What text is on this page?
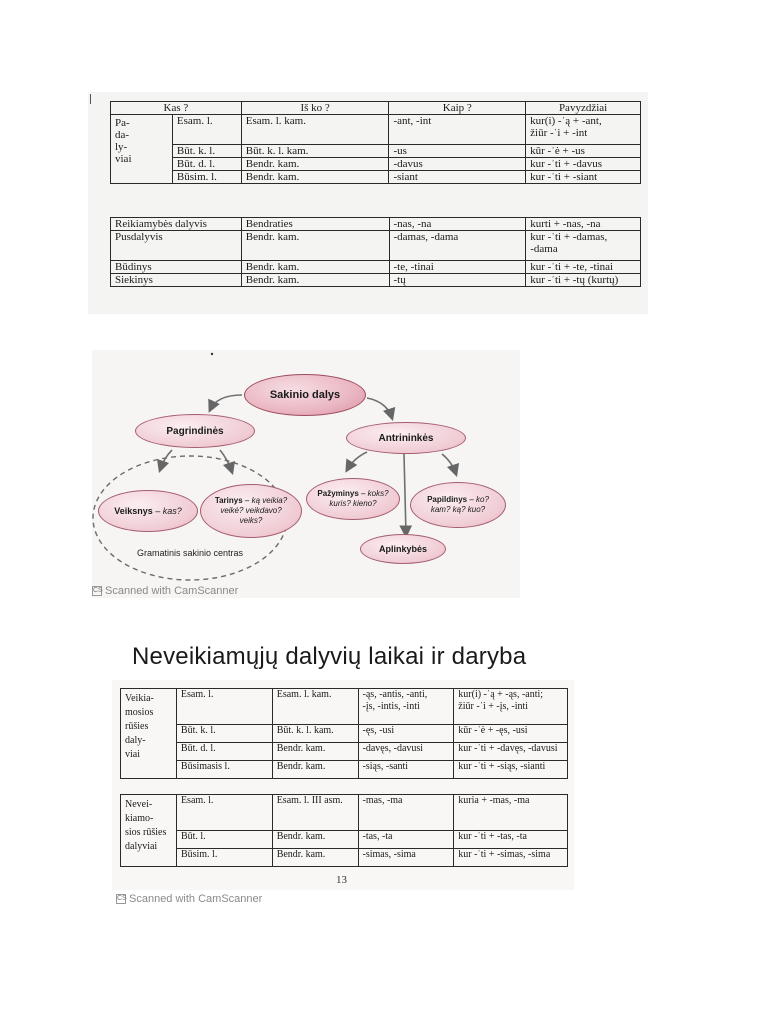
Kas ?		Iš ko ?	Kaip ?	Pavyzdžiai
Pa-
da-
ly-
viai	Esam. l.	Esam. l. kam.	-ant, -int	kur(i) -ˈą + -ant,
žiūr -ˈi + -int
	Būt. k. l.	Būt. k. l. kam.	-us	kūr -ˈė + -us
	Būt. d. l.	Bendr. kam.	-davus	kur -ˈti + -davus
	Būsim. l.	Bendr. kam.	-siant	kur -ˈti + -siant
Reikiamybės dalyvis	Bendraties	-nas, -na	kurti + -nas, -na
Pusdalyvis	Bendr. kam.	-damas, -dama	kur -ˈti + -damas,
-dama
Būdinys	Bendr. kam.	-te, -tinai	kur -ˈti + -te, -tinai
Siekinys	Bendr. kam.	-tų	kur -ˈti + -tų (kurtų)
Sakinio dalys
Pagrindinės
Antrininkės
Veiksnys – kas?
Tarinys – ką veikia? veikė? veikdavo? veiks?
Pažyminys – koks? kuris? kieno?	Papildinys – ko? kam? ką? kuo?
Aplinkybės
Gramatinis sakinio centras
CS Scanned with CamScanner
Neveikiamųjų dalyvių laikai ir daryba
Veikia-
mosios
rūšies
daly-
viai	Esam. l.	Esam. l. kam.	-ąs, -antis, -anti,
-įs, -intis, -inti	kur(i) -ˈą + -ąs, -anti;
žiūr -ˈi + -įs, -inti
	Būt. k. l.	Būt. k. l. kam.	-ęs, -usi	kūr -ˈė + -ęs, -usi
	Būt. d. l.	Bendr. kam.	-davęs, -davusi	kur -ˈti + -davęs, -davusi
	Būsimasis l.	Bendr. kam.	-siąs, -santi	kur -ˈti + -siąs, -sianti
Nevei-
kiamo-
sios rūšies
dalyviai	Esam. l.	Esam. l. III asm.	-mas, -ma	kuria + -mas, -ma
	Būt. l.	Bendr. kam.	-tas, -ta	kur -ˈti + -tas, -ta
	Būsim. l.	Bendr. kam.	-simas, -sima	kur -ˈti + -simas, -sima
13
CS Scanned with CamScanner
